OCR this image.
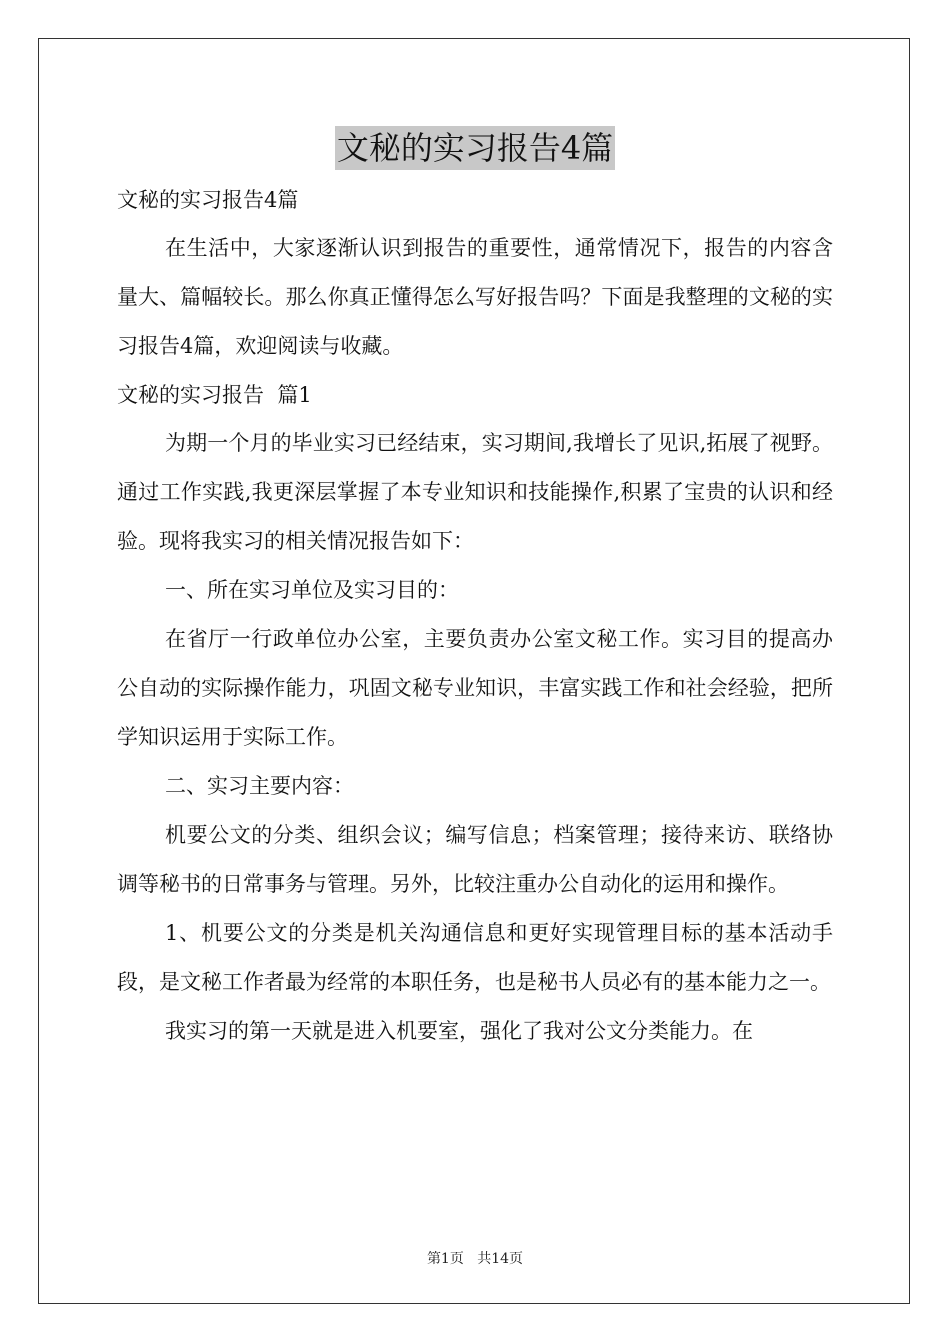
文秘的实习报告4篇
文秘的实习报告4篇

在生活中，大家逐渐认识到报告的重要性，通常情况下，报告的内容含量大、篇幅较长。那么你真正懂得怎么写好报告吗？下面是我整理的文秘的实习报告4篇，欢迎阅读与收藏。

文秘的实习报告  篇1

为期一个月的毕业实习已经结束，实习期间,我增长了见识,拓展了视野。通过工作实践,我更深层掌握了本专业知识和技能操作,积累了宝贵的认识和经验。现将我实习的相关情况报告如下：

一、所在实习单位及实习目的：

在省厅一行政单位办公室，主要负责办公室文秘工作。实习目的提高办公自动的实际操作能力，巩固文秘专业知识，丰富实践工作和社会经验，把所学知识运用于实际工作。

二、实习主要内容：

机要公文的分类、组织会议；编写信息；档案管理；接待来访、联络协调等秘书的日常事务与管理。另外，比较注重办公自动化的运用和操作。

1、机要公文的分类是机关沟通信息和更好实现管理目标的基本活动手段，是文秘工作者最为经常的本职任务，也是秘书人员必有的基本能力之一。

我实习的第一天就是进入机要室，强化了我对公文分类能力。在

第1页 共14页
